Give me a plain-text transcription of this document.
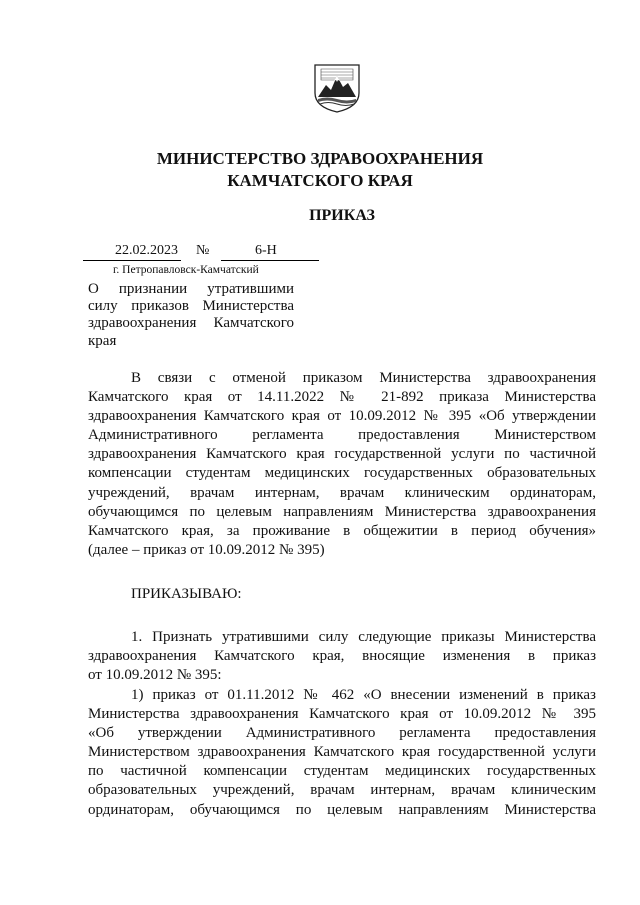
МИНИСТЕРСТВО ЗДРАВООХРАНЕНИЯ
КАМЧАТСКОГО КРАЯ
ПРИКАЗ
22.02.2023 №	6-Н
г. Петропавловск-Камчатский
О признании утратившими
силу приказов Министерства
здравоохранения Камчатского
края
В связи с отменой приказом Министерства здравоохранения
Камчатского края от 14.11.2022 № 21-892 приказа Министерства
здравоохранения Камчатского края от 10.09.2012 № 395 «Об утверждении
Административного регламента предоставления Министерством
здравоохранения Камчатского края государственной услуги по частичной
компенсации студентам медицинских государственных образовательных
учреждений, врачам интернам, врачам клиническим ординаторам,
обучающимся по целевым направлениям Министерства здравоохранения
Камчатского края, за проживание в общежитии в период обучения»
(далее – приказ от 10.09.2012 № 395)
ПРИКАЗЫВАЮ:
1. Признать утратившими силу следующие приказы Министерства
здравоохранения Камчатского края, вносящие изменения в приказ
от 10.09.2012 № 395:
1) приказ от 01.11.2012 № 462 «О внесении изменений в приказ
Министерства здравоохранения Камчатского края от 10.09.2012 № 395
«Об утверждении Административного регламента предоставления
Министерством здравоохранения Камчатского края государственной услуги
по частичной компенсации студентам медицинских государственных
образовательных учреждений, врачам интернам, врачам клиническим
ординаторам, обучающимся по целевым направлениям Министерства
